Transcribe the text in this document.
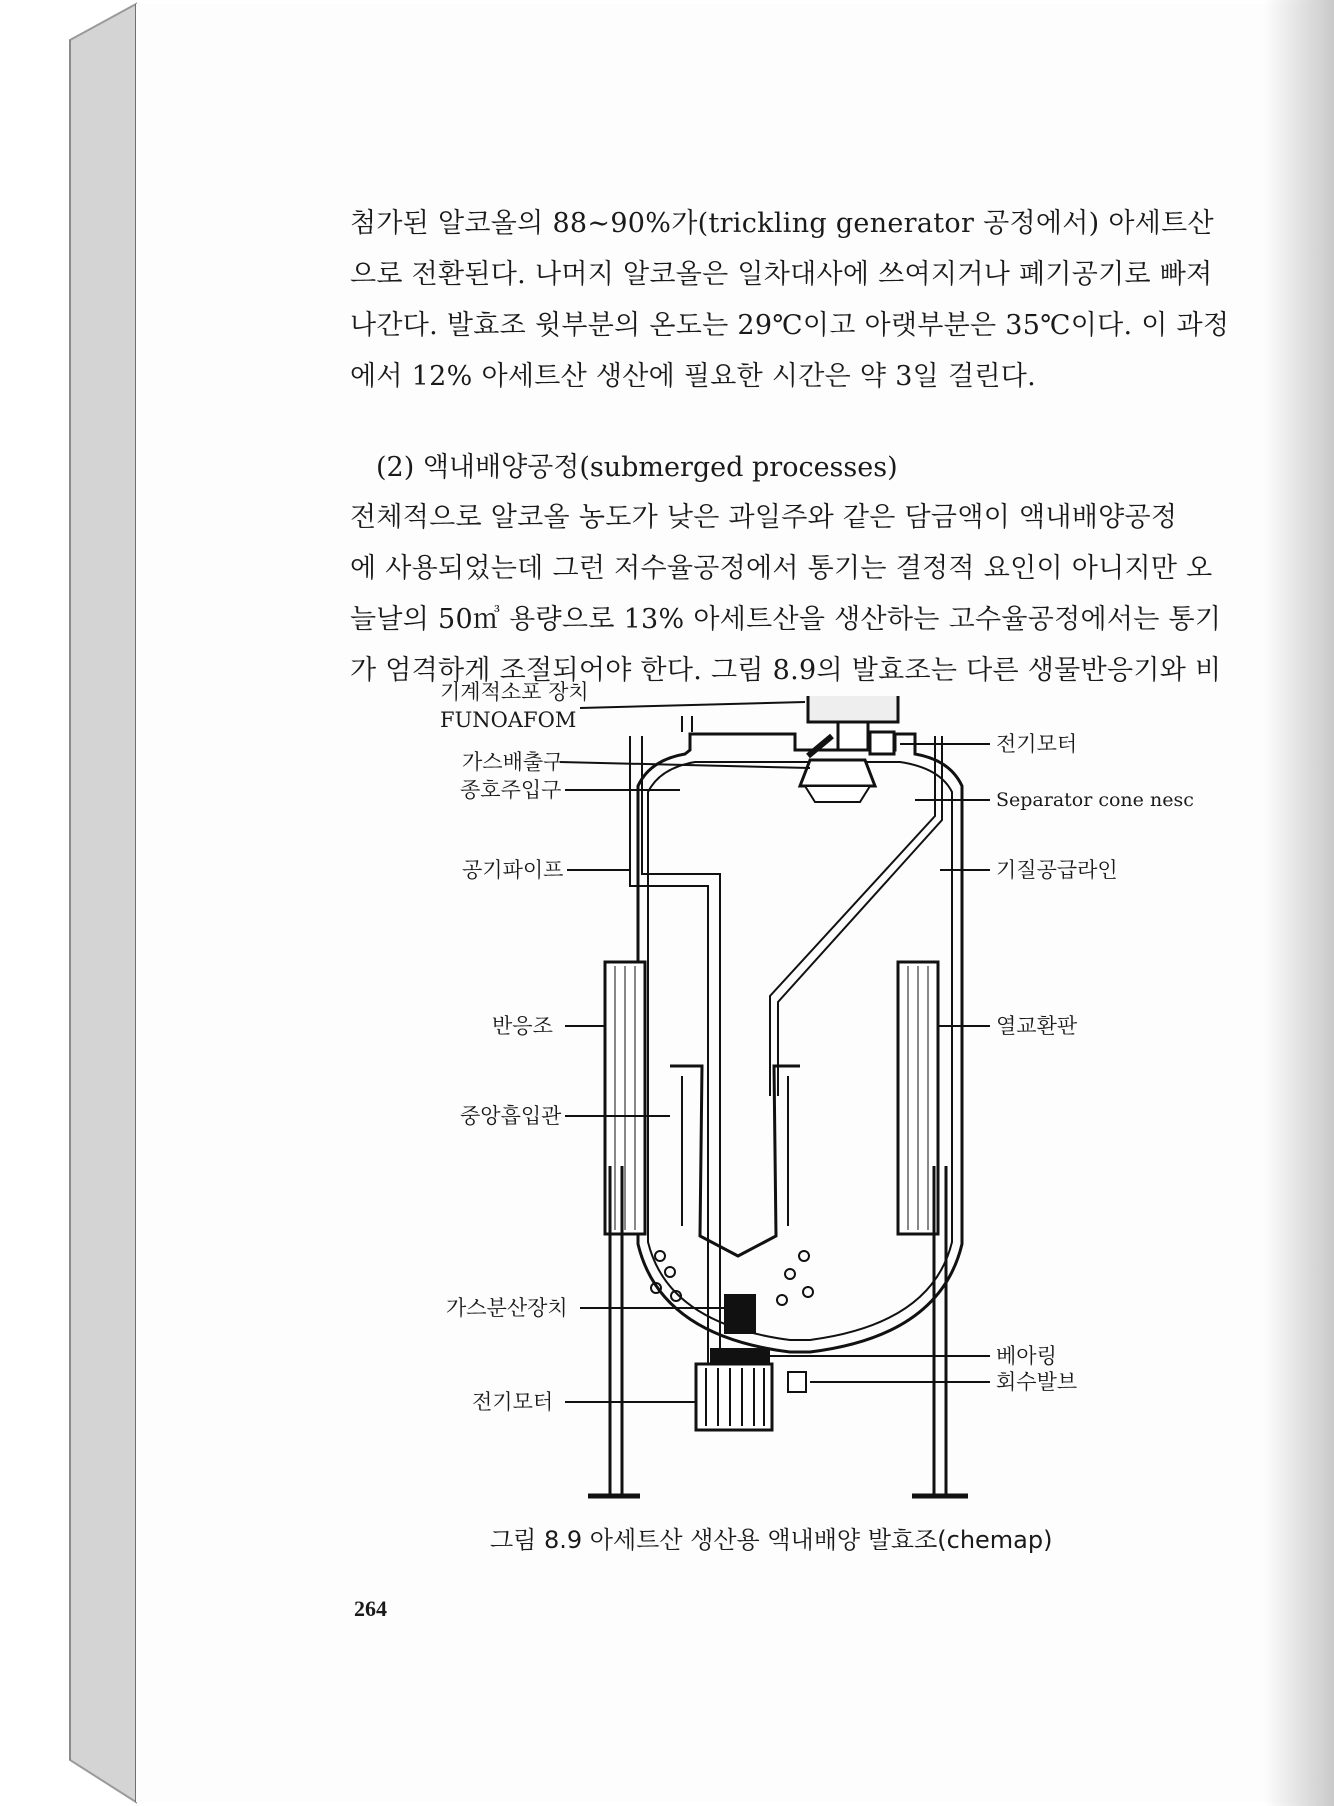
첨가된 알코올의 88∼90%가(trickling generator 공정에서) 아세트산
으로 전환된다. 나머지 알코올은 일차대사에 쓰여지거나 폐기공기로 빠져
나간다. 발효조 윗부분의 온도는 29℃이고 아랫부분은 35℃이다. 이 과정
에서 12% 아세트산 생산에 필요한 시간은 약 3일 걸린다.
(2) 액내배양공정(submerged processes)
전체적으로 알코올 농도가 낮은 과일주와 같은 담금액이 액내배양공정
에 사용되었는데 그런 저수율공정에서 통기는 결정적 요인이 아니지만 오
늘날의 50㎥ 용량으로 13% 아세트산을 생산하는 고수율공정에서는 통기
가 엄격하게 조절되어야 한다. 그림 8.9의 발효조는 다른 생물반응기와 비
기계적소포 장치
FUNOAFOM
가스배출구
종호주입구
공기파이프
반응조
중앙흡입관
가스분산장치
전기모터
전기모터
Separator cone nesc
기질공급라인
열교환판
베아링
회수발브
그림 8.9 아세트산 생산용 액내배양 발효조(chemap)
264
